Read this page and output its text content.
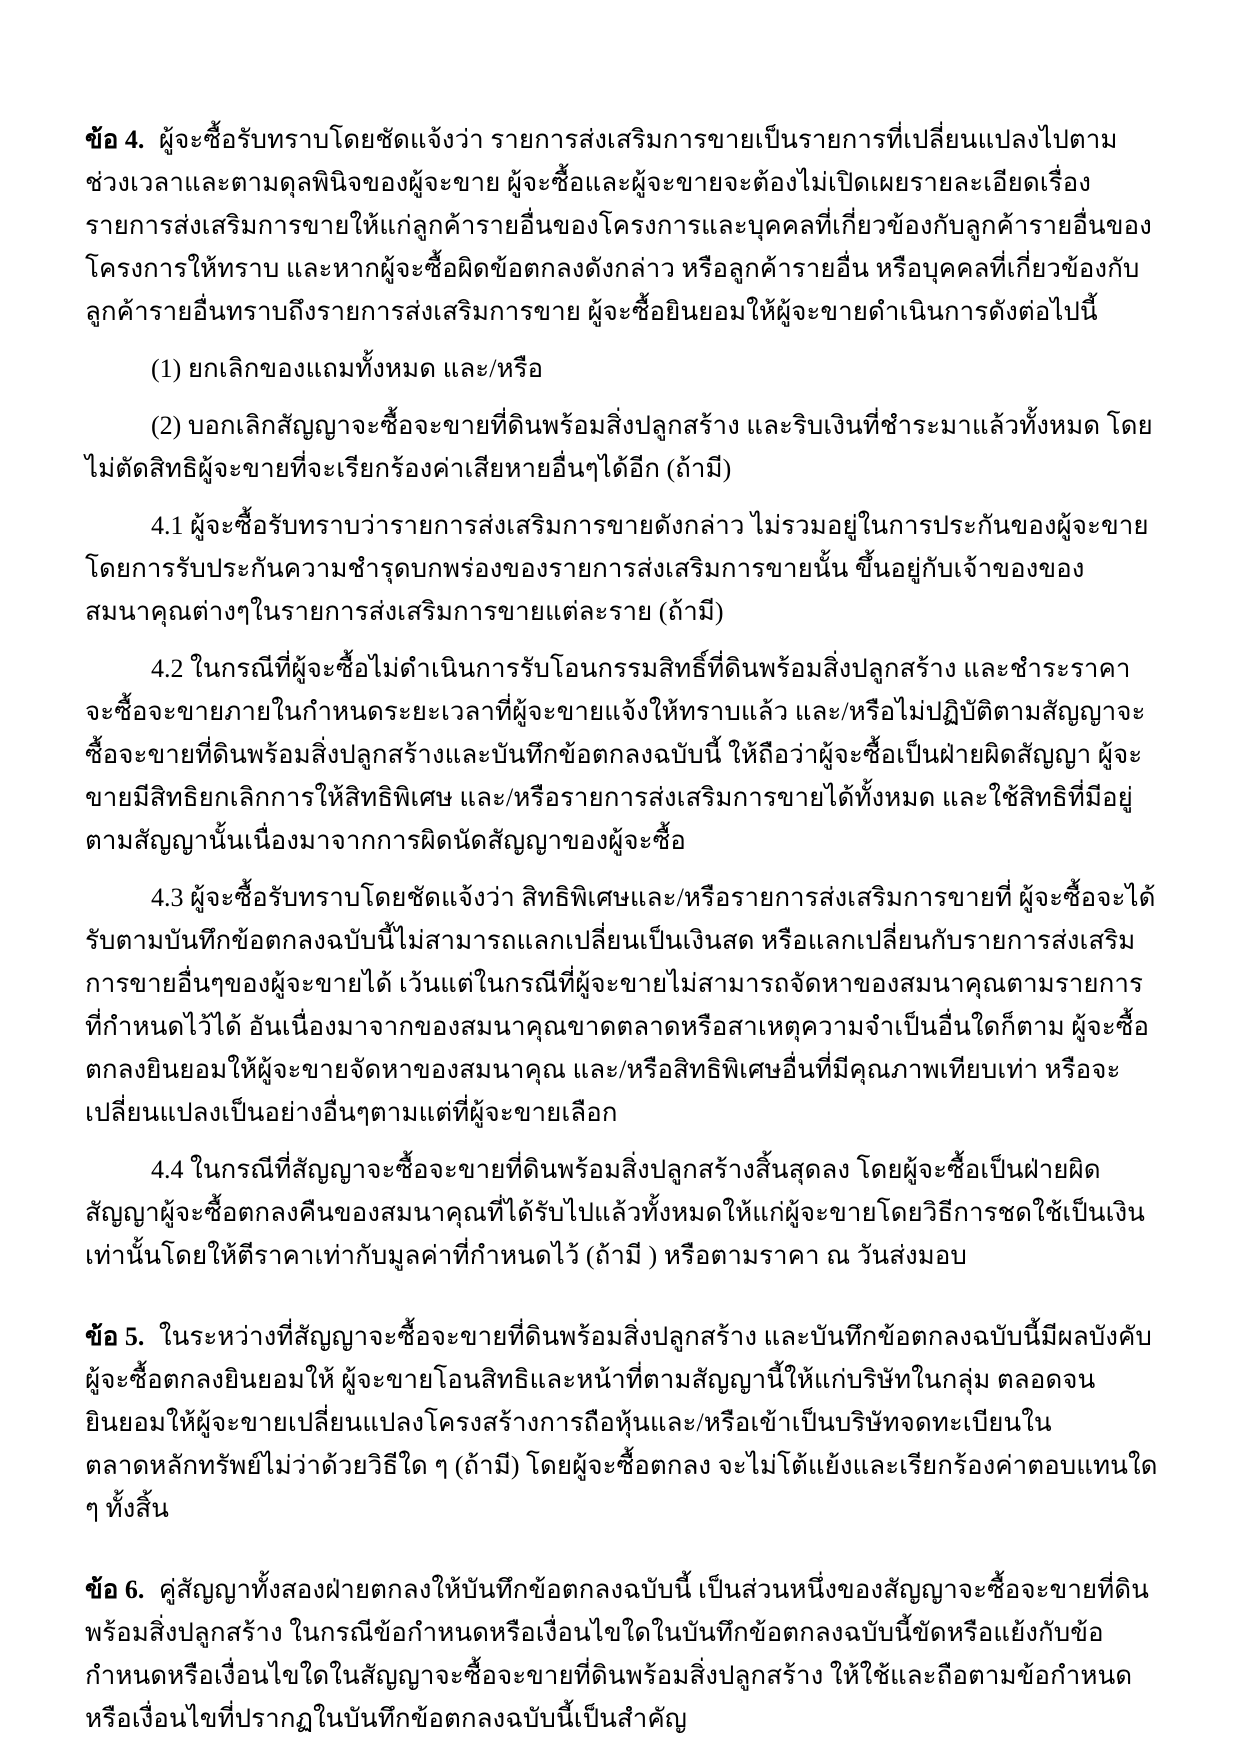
ข้อ 4. ผู้จะซื้อรับทราบโดยชัดแจ้งว่า รายการส่งเสริมการขายเป็นรายการที่เปลี่ยนแปลงไปตามช่วงเวลาและตามดุลพินิจของผู้จะขาย ผู้จะซื้อและผู้จะขายจะต้องไม่เปิดเผยรายละเอียดเรื่องรายการส่งเสริมการขายให้แก่ลูกค้ารายอื่นของโครงการและบุคคลที่เกี่ยวข้องกับลูกค้ารายอื่นของโครงการให้ทราบ และหากผู้จะซื้อผิดข้อตกลงดังกล่าว หรือลูกค้ารายอื่น หรือบุคคลที่เกี่ยวข้องกับลูกค้ารายอื่นทราบถึงรายการส่งเสริมการขาย ผู้จะซื้อยินยอมให้ผู้จะขายดำเนินการดังต่อไปนี้

(1) ยกเลิกของแถมทั้งหมด และ/หรือ

(2) บอกเลิกสัญญาจะซื้อจะขายที่ดินพร้อมสิ่งปลูกสร้าง และริบเงินที่ชำระมาแล้วทั้งหมด โดยไม่ตัดสิทธิผู้จะขายที่จะเรียกร้องค่าเสียหายอื่นๆได้อีก (ถ้ามี)

4.1 ผู้จะซื้อรับทราบว่ารายการส่งเสริมการขายดังกล่าว ไม่รวมอยู่ในการประกันของผู้จะขาย โดยการรับประกันความชำรุดบกพร่องของรายการส่งเสริมการขายนั้น ขึ้นอยู่กับเจ้าของของสมนาคุณต่างๆในรายการส่งเสริมการขายแต่ละราย (ถ้ามี)

4.2 ในกรณีที่ผู้จะซื้อไม่ดำเนินการรับโอนกรรมสิทธิ์ที่ดินพร้อมสิ่งปลูกสร้าง และชำระราคาจะซื้อจะขายภายในกำหนดระยะเวลาที่ผู้จะขายแจ้งให้ทราบแล้ว และ/หรือไม่ปฏิบัติตามสัญญาจะซื้อจะขายที่ดินพร้อมสิ่งปลูกสร้างและบันทึกข้อตกลงฉบับนี้ ให้ถือว่าผู้จะซื้อเป็นฝ่ายผิดสัญญา ผู้จะขายมีสิทธิยกเลิกการให้สิทธิพิเศษ และ/หรือรายการส่งเสริมการขายได้ทั้งหมด และใช้สิทธิที่มีอยู่ตามสัญญานั้นเนื่องมาจากการผิดนัดสัญญาของผู้จะซื้อ

4.3 ผู้จะซื้อรับทราบโดยชัดแจ้งว่า สิทธิพิเศษและ/หรือรายการส่งเสริมการขายที่ ผู้จะซื้อจะได้รับตามบันทึกข้อตกลงฉบับนี้ไม่สามารถแลกเปลี่ยนเป็นเงินสด หรือแลกเปลี่ยนกับรายการส่งเสริมการขายอื่นๆของผู้จะขายได้ เว้นแต่ในกรณีที่ผู้จะขายไม่สามารถจัดหาของสมนาคุณตามรายการที่กำหนดไว้ได้ อันเนื่องมาจากของสมนาคุณขาดตลาดหรือสาเหตุความจำเป็นอื่นใดก็ตาม ผู้จะซื้อตกลงยินยอมให้ผู้จะขายจัดหาของสมนาคุณ และ/หรือสิทธิพิเศษอื่นที่มีคุณภาพเทียบเท่า หรือจะเปลี่ยนแปลงเป็นอย่างอื่นๆตามแต่ที่ผู้จะขายเลือก

4.4 ในกรณีที่สัญญาจะซื้อจะขายที่ดินพร้อมสิ่งปลูกสร้างสิ้นสุดลง โดยผู้จะซื้อเป็นฝ่ายผิดสัญญาผู้จะซื้อตกลงคืนของสมนาคุณที่ได้รับไปแล้วทั้งหมดให้แก่ผู้จะขายโดยวิธีการชดใช้เป็นเงินเท่านั้นโดยให้ตีราคาเท่ากับมูลค่าที่กำหนดไว้ (ถ้ามี ) หรือตามราคา ณ วันส่งมอบ

ข้อ 5. ในระหว่างที่สัญญาจะซื้อจะขายที่ดินพร้อมสิ่งปลูกสร้าง และบันทึกข้อตกลงฉบับนี้มีผลบังคับ ผู้จะซื้อตกลงยินยอมให้ ผู้จะขายโอนสิทธิและหน้าที่ตามสัญญานี้ให้แก่บริษัทในกลุ่ม ตลอดจนยินยอมให้ผู้จะขายเปลี่ยนแปลงโครงสร้างการถือหุ้นและ/หรือเข้าเป็นบริษัทจดทะเบียนในตลาดหลักทรัพย์ไม่ว่าด้วยวิธีใด ๆ (ถ้ามี) โดยผู้จะซื้อตกลง จะไม่โต้แย้งและเรียกร้องค่าตอบแทนใด ๆ ทั้งสิ้น

ข้อ 6. คู่สัญญาทั้งสองฝ่ายตกลงให้บันทึกข้อตกลงฉบับนี้ เป็นส่วนหนึ่งของสัญญาจะซื้อจะขายที่ดินพร้อมสิ่งปลูกสร้าง ในกรณีข้อกำหนดหรือเงื่อนไขใดในบันทึกข้อตกลงฉบับนี้ขัดหรือแย้งกับข้อกำหนดหรือเงื่อนไขใดในสัญญาจะซื้อจะขายที่ดินพร้อมสิ่งปลูกสร้าง ให้ใช้และถือตามข้อกำหนดหรือเงื่อนไขที่ปรากฏในบันทึกข้อตกลงฉบับนี้เป็นสำคัญ
